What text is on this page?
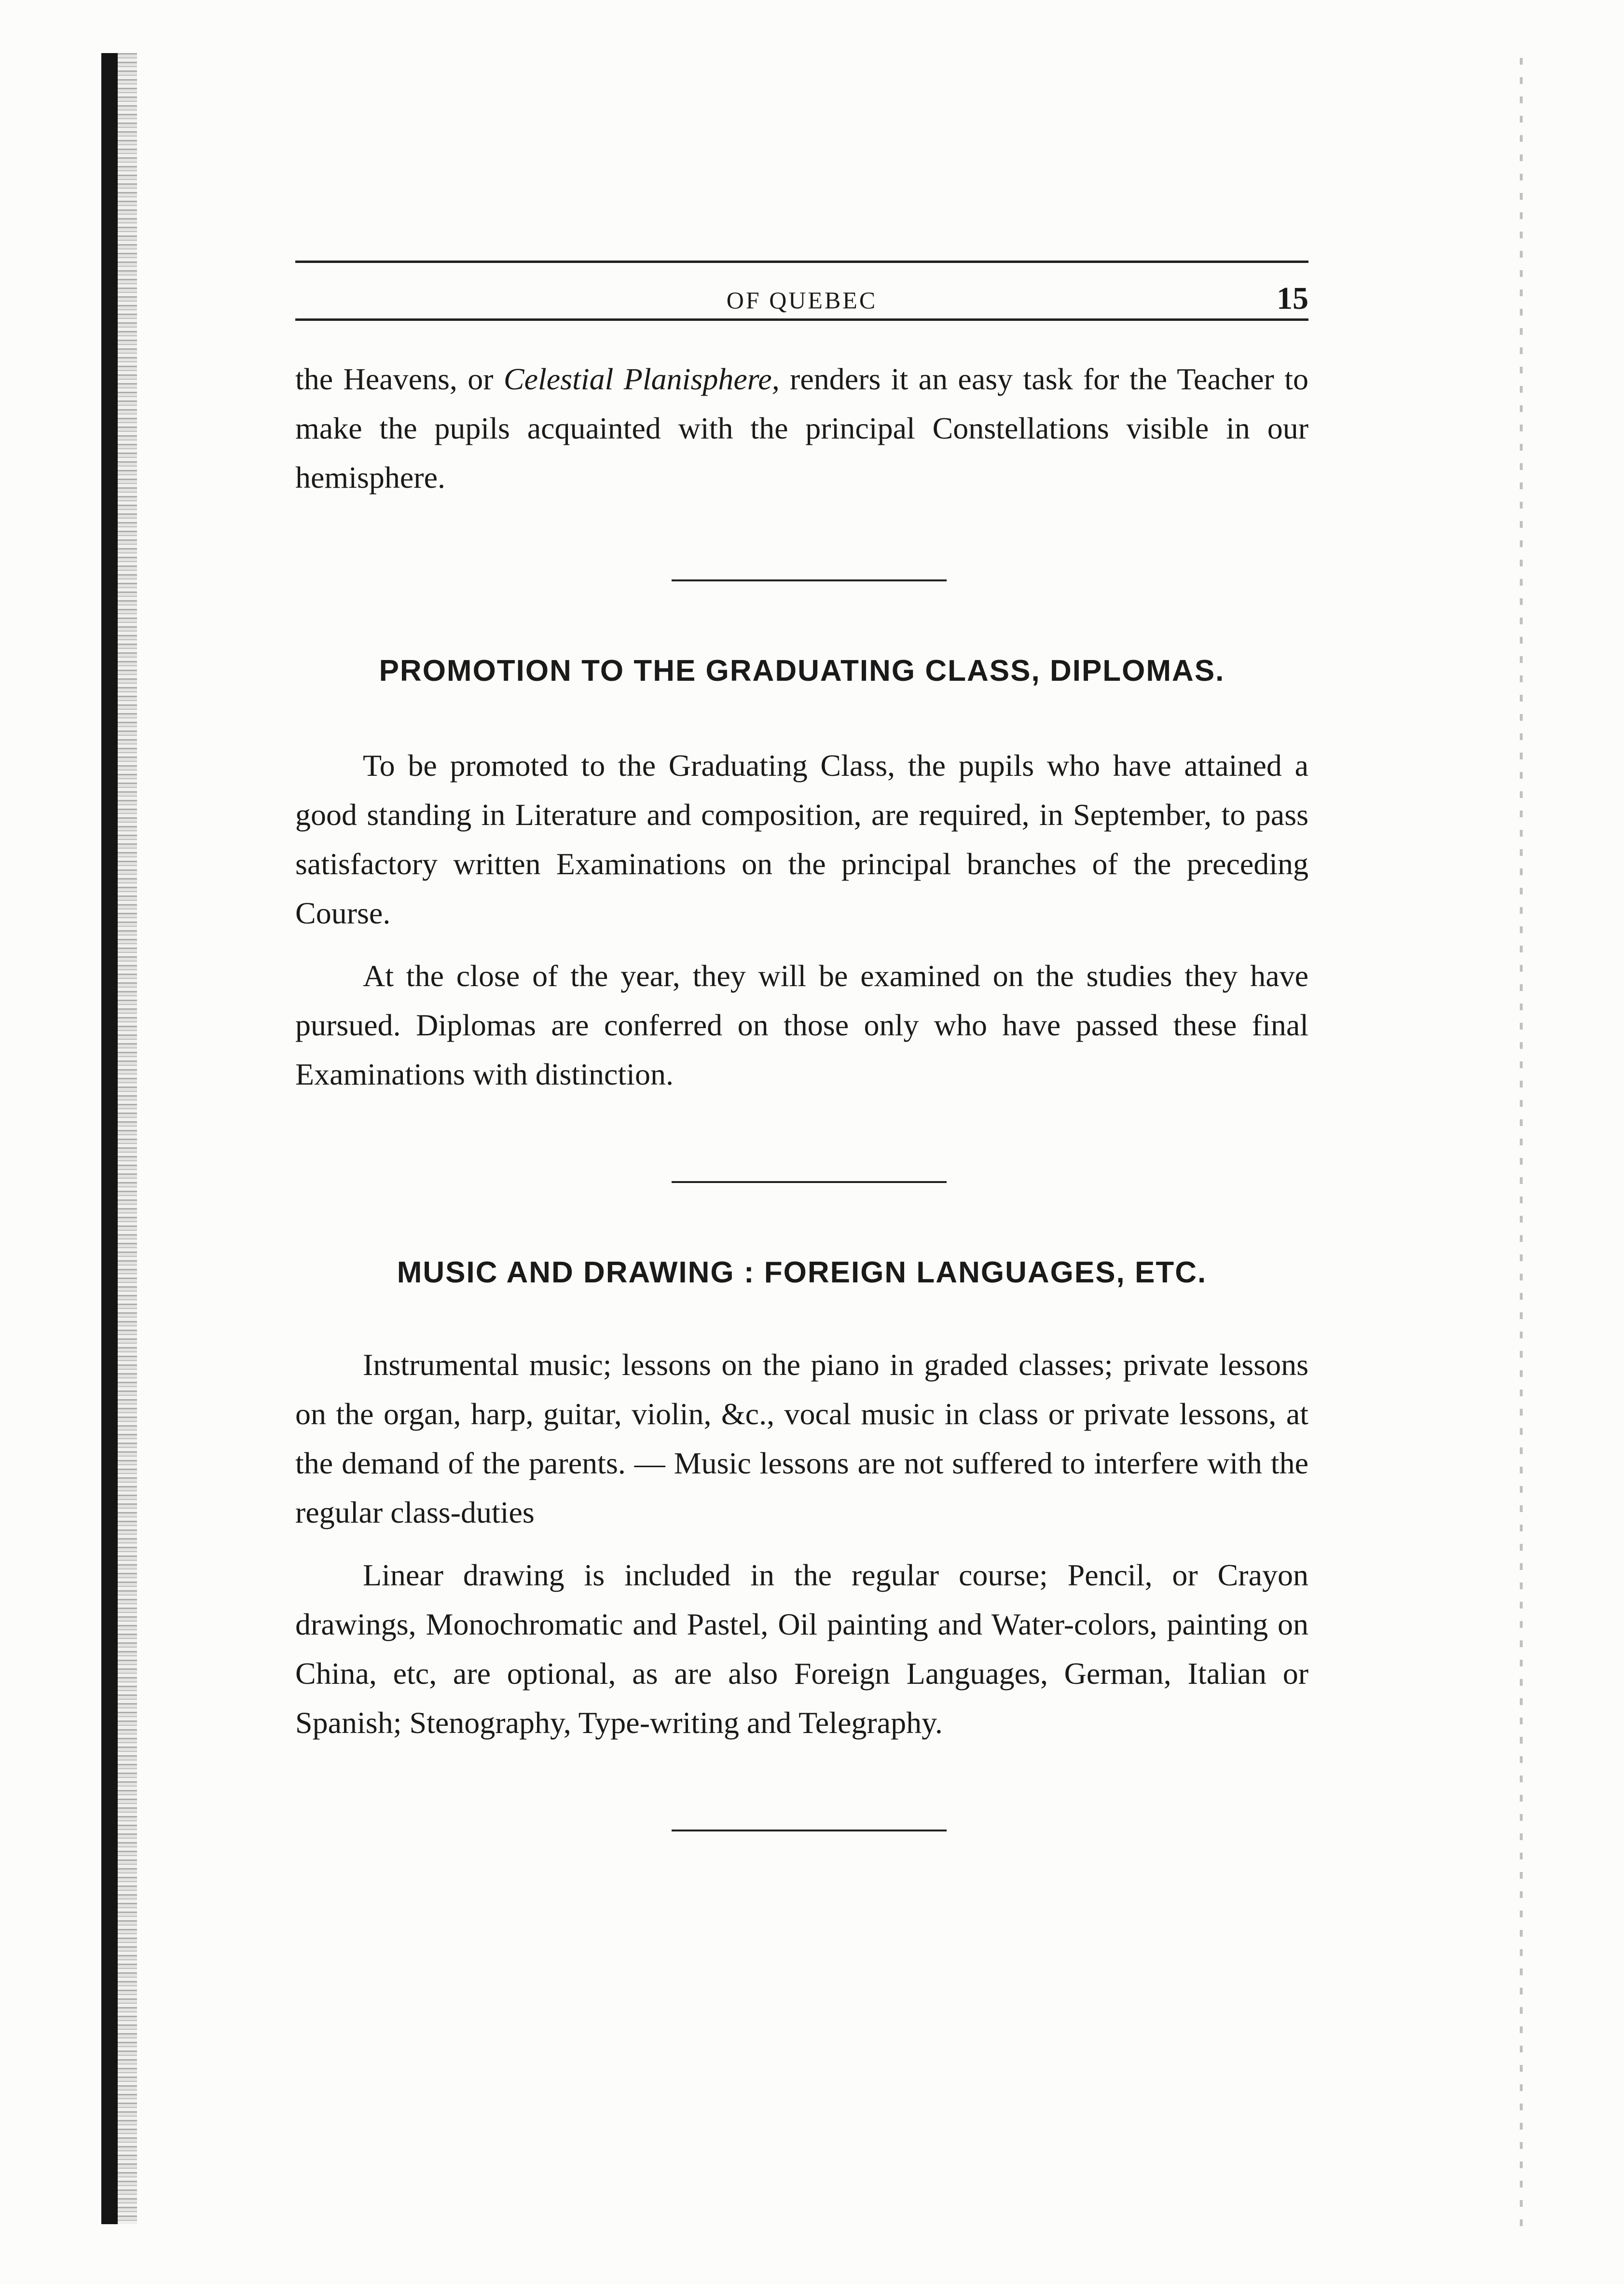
OF QUEBEC	15

the Heavens, or Celestial Planisphere, renders it an easy task for the Teacher to make the pupils acquainted with the principal Constellations visible in our hemisphere.

PROMOTION TO THE GRADUATING CLASS, DIPLOMAS.

To be promoted to the Graduating Class, the pupils who have attained a good standing in Literature and composition, are required, in September, to pass satisfactory written Examinations on the principal branches of the preceding Course.

At the close of the year, they will be examined on the studies they have pursued. Diplomas are conferred on those only who have passed these final Examinations with distinction.

MUSIC AND DRAWING : FOREIGN LANGUAGES, ETC.

Instrumental music; lessons on the piano in graded classes; private lessons on the organ, harp, guitar, violin, &c., vocal music in class or private lessons, at the demand of the parents. — Music lessons are not suffered to interfere with the regular class-duties

Linear drawing is included in the regular course; Pencil, or Crayon drawings, Monochromatic and Pastel, Oil painting and Water-colors, painting on China, etc, are optional, as are also Foreign Languages, German, Italian or Spanish; Stenography, Type-writing and Telegraphy.
